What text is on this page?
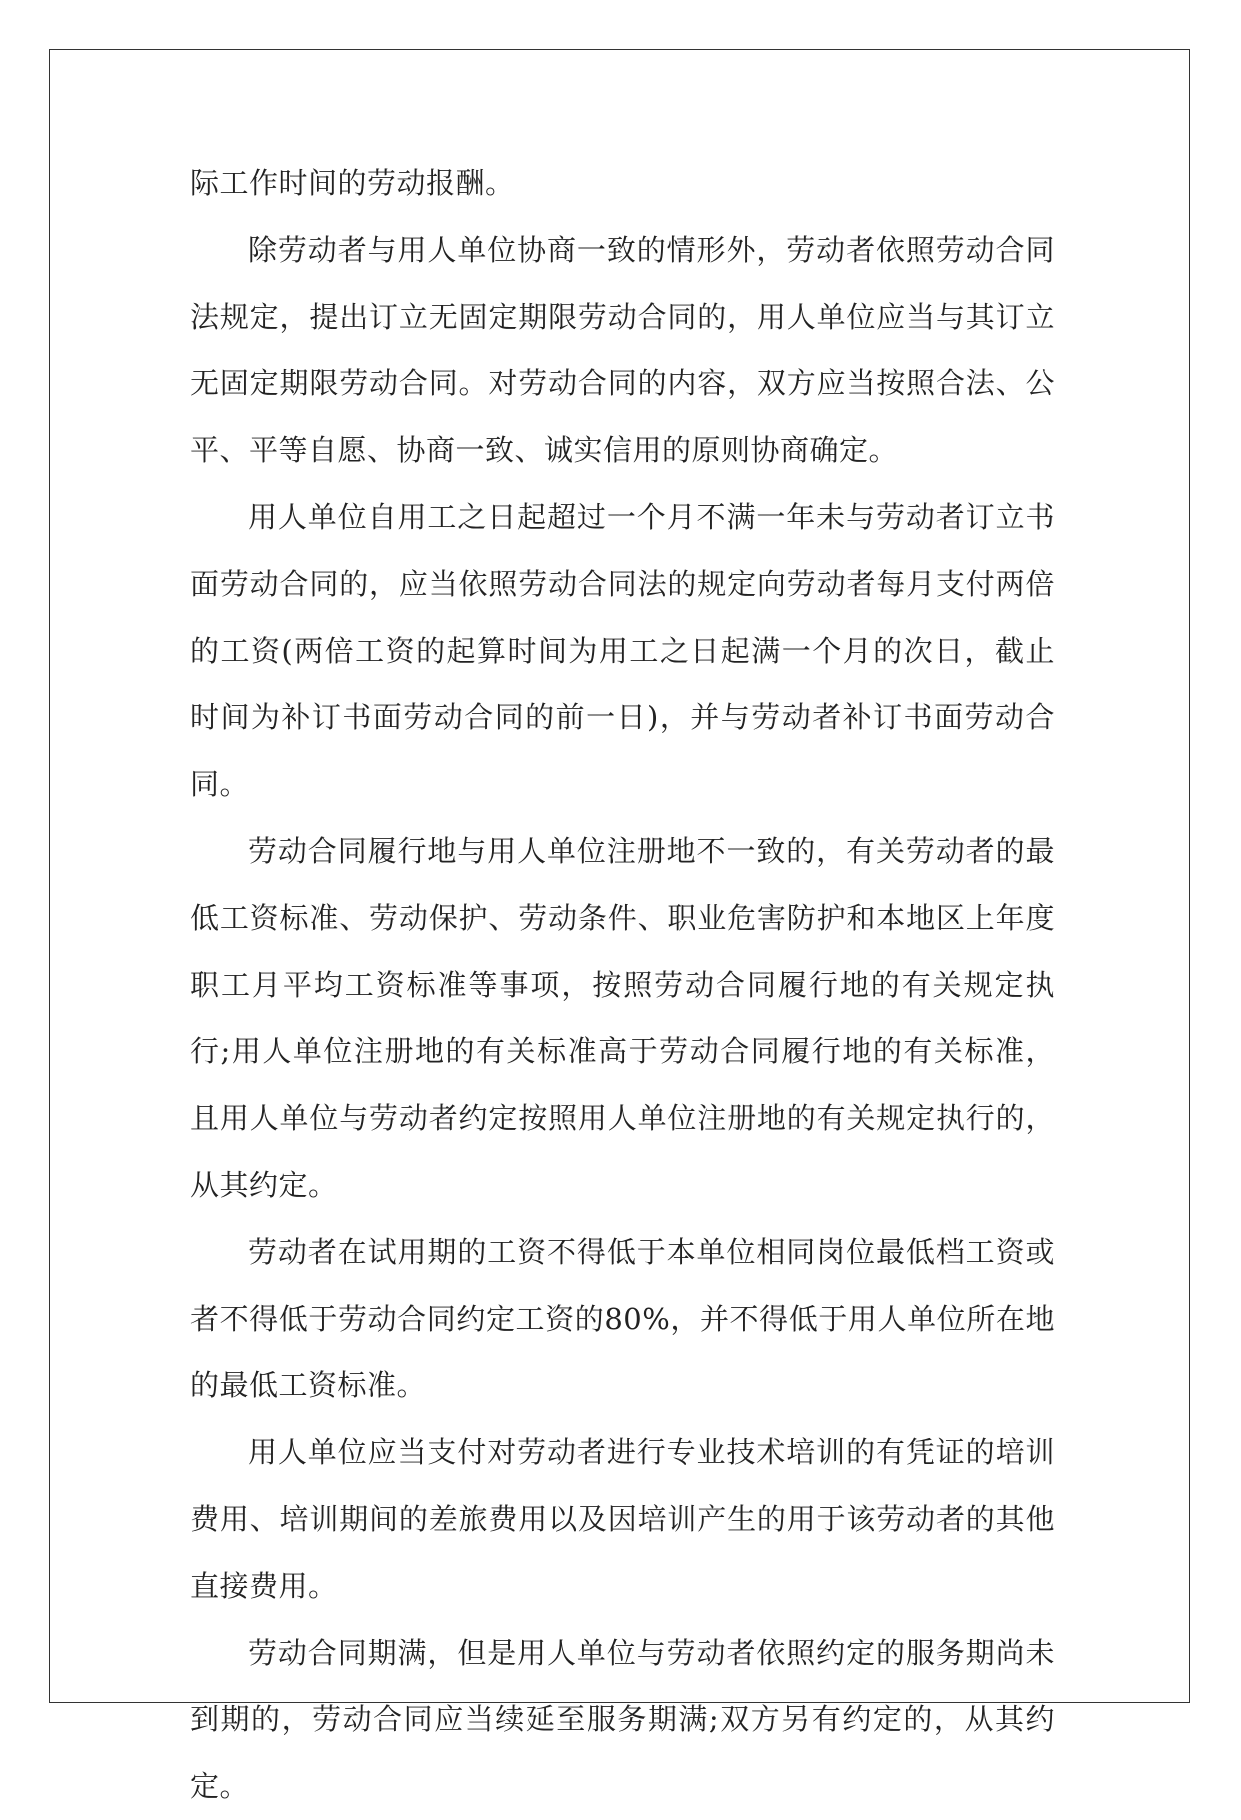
际工作时间的劳动报酬。

除劳动者与用人单位协商一致的情形外，劳动者依照劳动合同法规定，提出订立无固定期限劳动合同的，用人单位应当与其订立无固定期限劳动合同。对劳动合同的内容，双方应当按照合法、公平、平等自愿、协商一致、诚实信用的原则协商确定。

用人单位自用工之日起超过一个月不满一年未与劳动者订立书面劳动合同的，应当依照劳动合同法的规定向劳动者每月支付两倍的工资(两倍工资的起算时间为用工之日起满一个月的次日，截止时间为补订书面劳动合同的前一日)，并与劳动者补订书面劳动合同。

劳动合同履行地与用人单位注册地不一致的，有关劳动者的最低工资标准、劳动保护、劳动条件、职业危害防护和本地区上年度职工月平均工资标准等事项，按照劳动合同履行地的有关规定执行;用人单位注册地的有关标准高于劳动合同履行地的有关标准，且用人单位与劳动者约定按照用人单位注册地的有关规定执行的，从其约定。

劳动者在试用期的工资不得低于本单位相同岗位最低档工资或者不得低于劳动合同约定工资的80%，并不得低于用人单位所在地的最低工资标准。

用人单位应当支付对劳动者进行专业技术培训的有凭证的培训费用、培训期间的差旅费用以及因培训产生的用于该劳动者的其他直接费用。

劳动合同期满，但是用人单位与劳动者依照约定的服务期尚未到期的，劳动合同应当续延至服务期满;双方另有约定的，从其约定。
